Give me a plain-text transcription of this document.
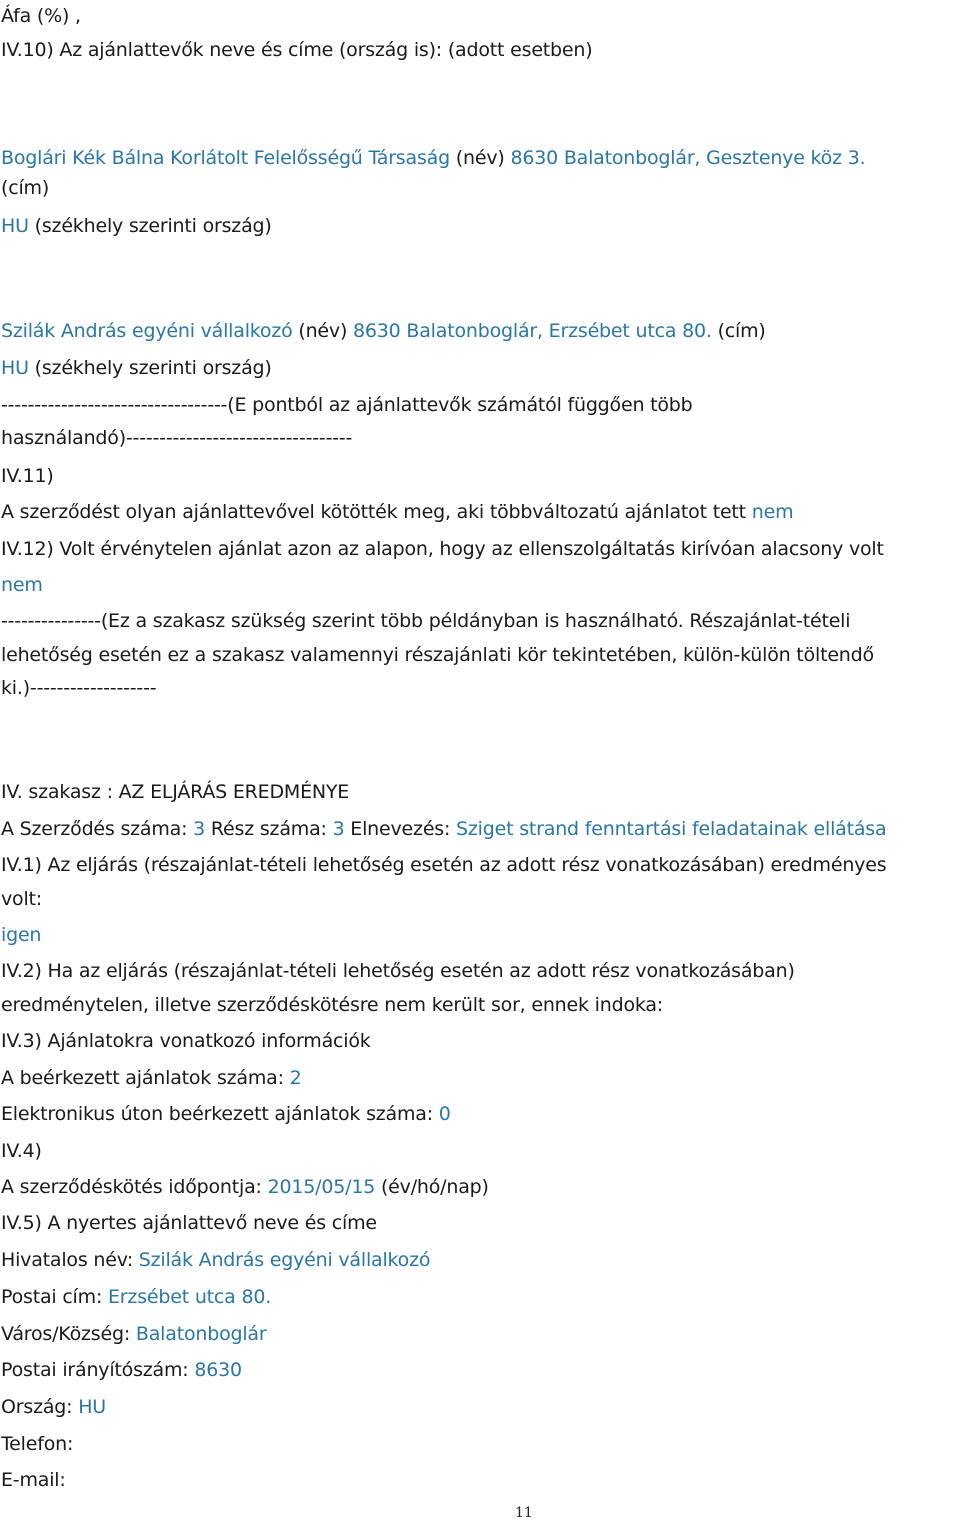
Áfa (%) ,
IV.10) Az ajánlattevők neve és címe (ország is): (adott esetben)
Boglári Kék Bálna Korlátolt Felelősségű Társaság (név) 8630 Balatonboglár, Gesztenye köz 3.
(cím)
HU (székhely szerinti ország)
Szilák András egyéni vállalkozó (név) 8630 Balatonboglár, Erzsébet utca 80. (cím)
HU (székhely szerinti ország)
----------------------------------(E pontból az ajánlattevők számától függően több
használandó)----------------------------------
IV.11)
A szerződést olyan ajánlattevővel kötötték meg, aki többváltozatú ajánlatot tett nem
IV.12) Volt érvénytelen ajánlat azon az alapon, hogy az ellenszolgáltatás kirívóan alacsony volt
nem
---------------(Ez a szakasz szükség szerint több példányban is használható. Részajánlat-tételi
lehetőség esetén ez a szakasz valamennyi részajánlati kör tekintetében, külön-külön töltendő
ki.)-------------------
IV. szakasz : AZ ELJÁRÁS EREDMÉNYE
A Szerződés száma: 3 Rész száma: 3 Elnevezés: Sziget strand fenntartási feladatainak ellátása
IV.1) Az eljárás (részajánlat-tételi lehetőség esetén az adott rész vonatkozásában) eredményes
volt:
igen
IV.2) Ha az eljárás (részajánlat-tételi lehetőség esetén az adott rész vonatkozásában)
eredménytelen, illetve szerződéskötésre nem került sor, ennek indoka:
IV.3) Ajánlatokra vonatkozó információk
A beérkezett ajánlatok száma: 2
Elektronikus úton beérkezett ajánlatok száma: 0
IV.4)
A szerződéskötés időpontja: 2015/05/15 (év/hó/nap)
IV.5) A nyertes ajánlattevő neve és címe
Hivatalos név: Szilák András egyéni vállalkozó
Postai cím: Erzsébet utca 80.
Város/Község: Balatonboglár
Postai irányítószám: 8630
Ország: HU
Telefon:
E-mail:
11
